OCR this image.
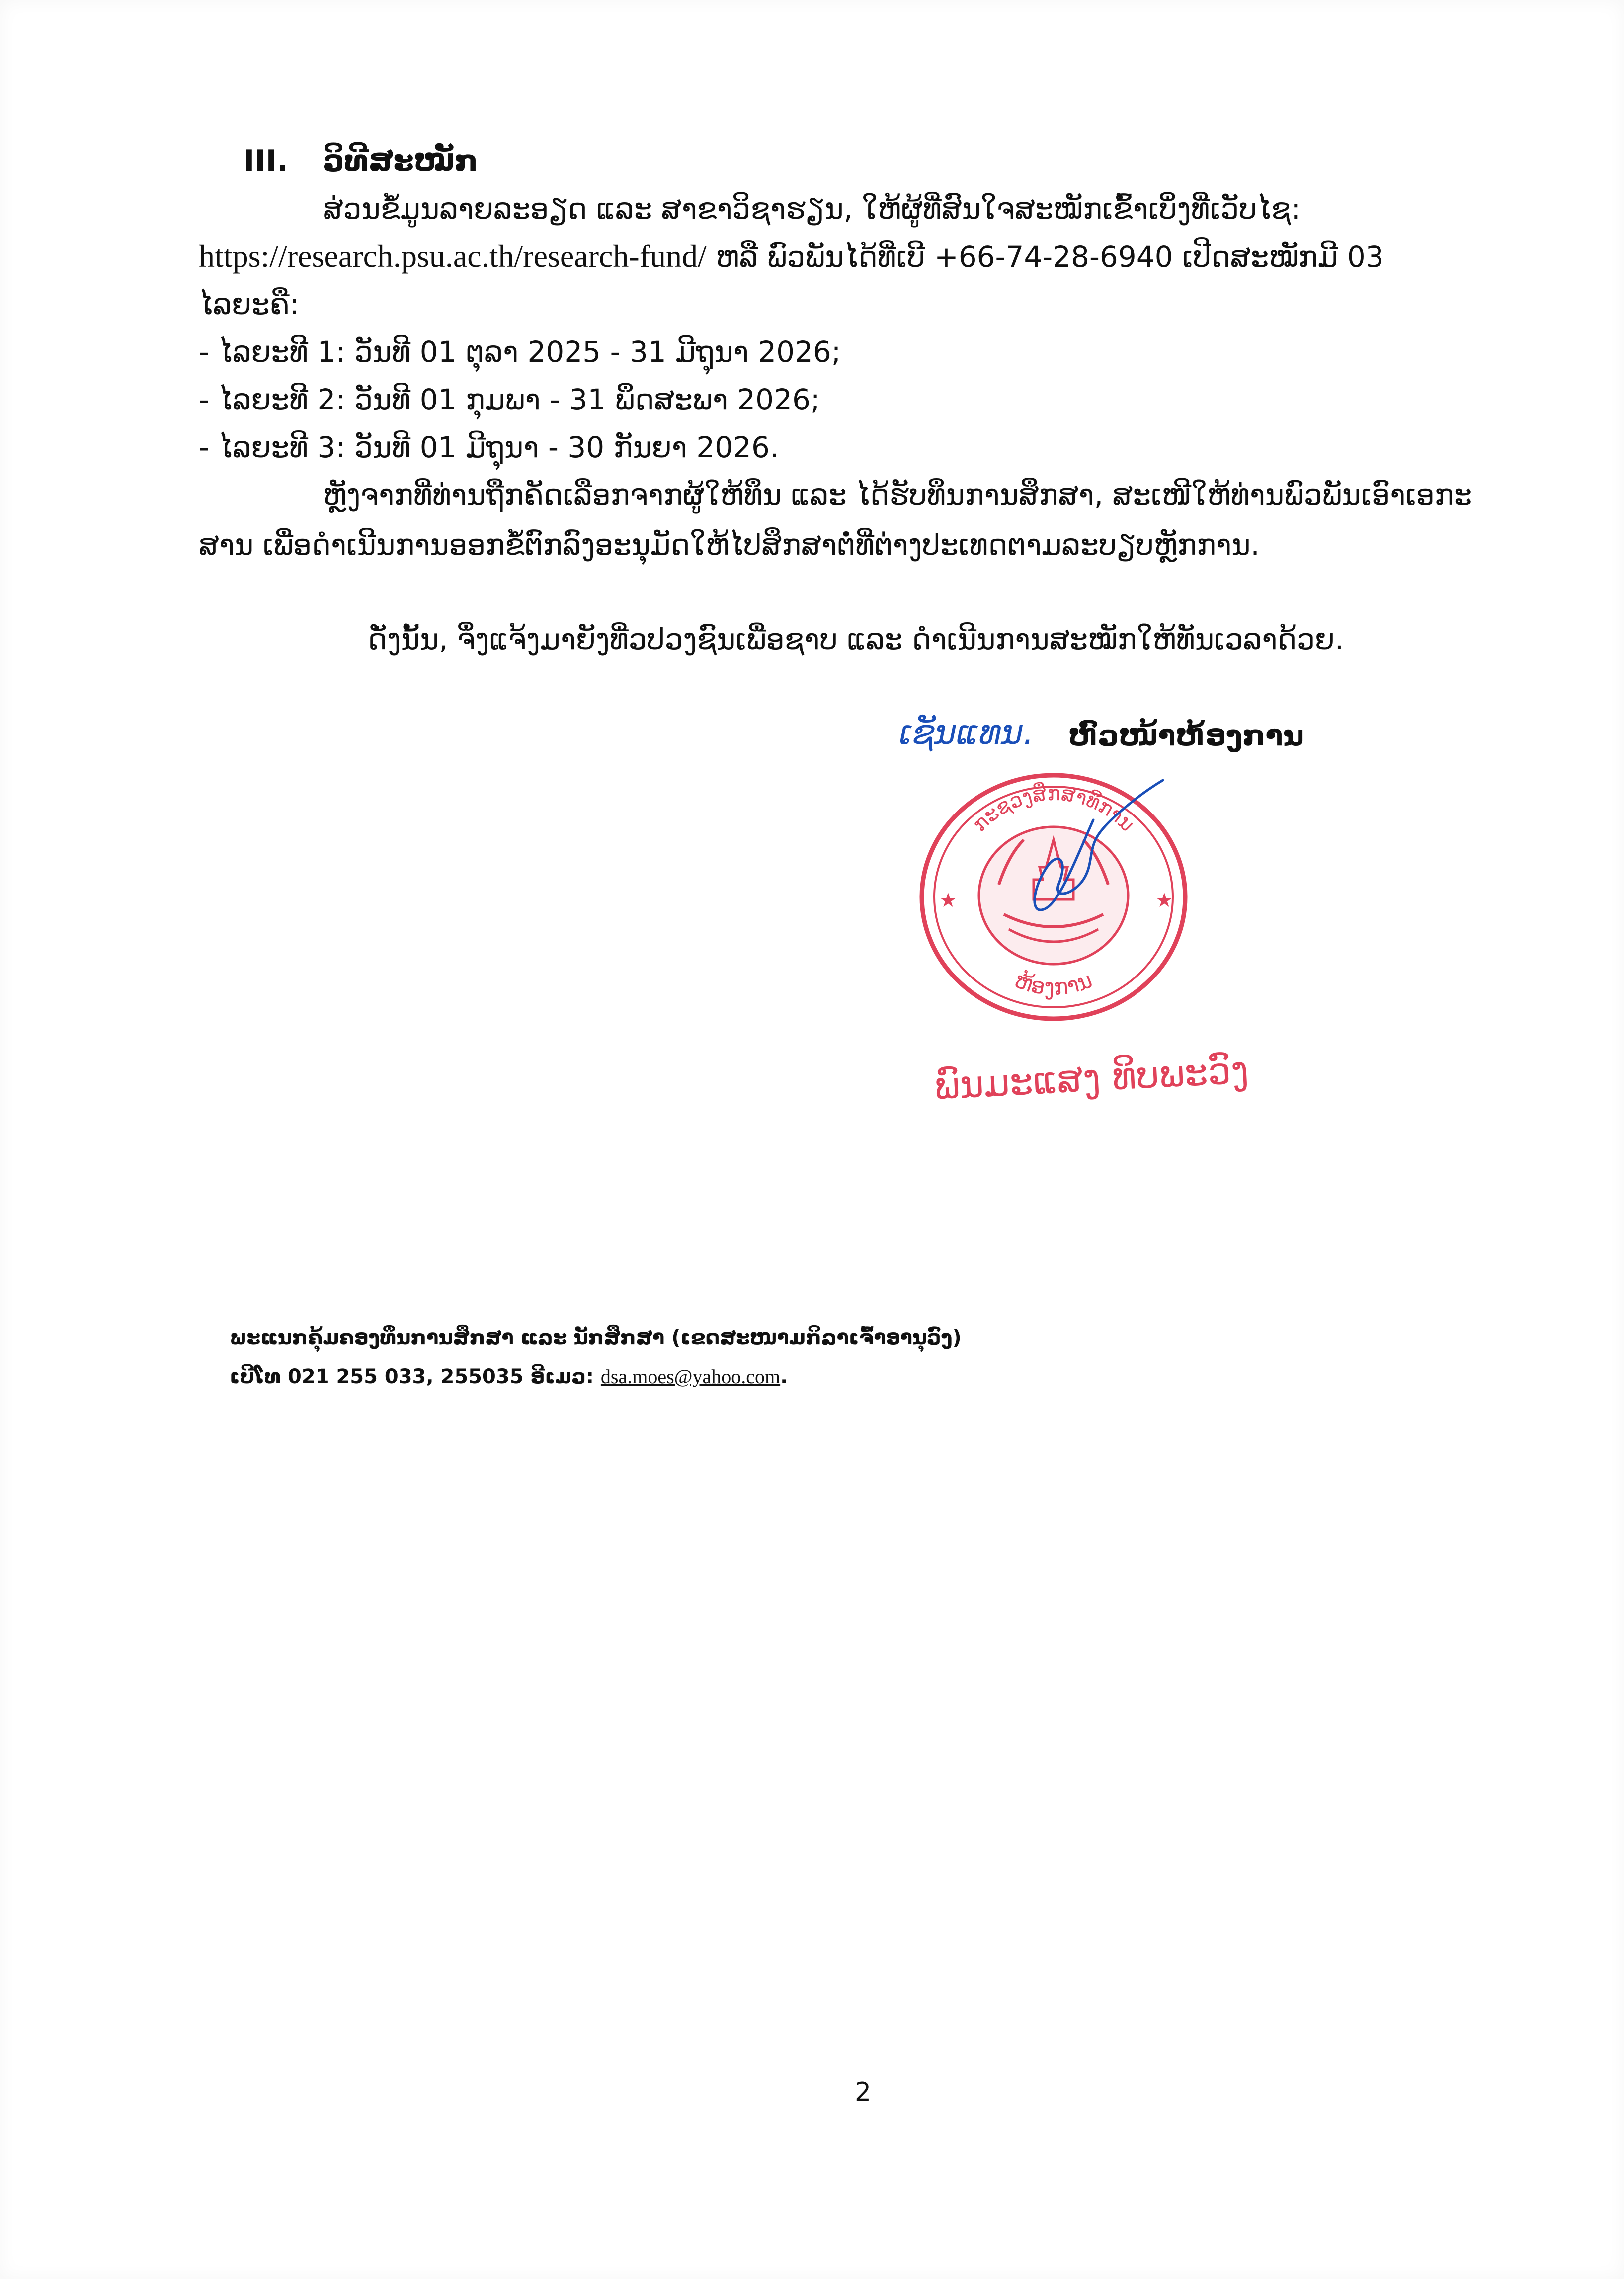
III. ວິທີສະໝັກ
ສ່ວນຂໍ້ມູນລາຍລະອຽດ ແລະ ສາຂາວິຊາຮຽນ, ໃຫ້ຜູ້ທີ່ສົນໃຈສະໝັກເຂົ້າເບິ່ງທີ່ເວັບໄຊ:
https://research.psu.ac.th/research-fund/ ຫລື ພົວພັນໄດ້ທີ່ເບີ +66-74-28-6940 ເປີດສະໝັກມີ 03
ໄລຍະຄື:
- ໄລຍະທີ 1: ວັນທີ 01 ຕຸລາ 2025 - 31 ມີຖຸນາ 2026;
- ໄລຍະທີ 2: ວັນທີ 01 ກຸມພາ - 31 ພຶດສະພາ 2026;
- ໄລຍະທີ 3: ວັນທີ 01 ມີຖຸນາ - 30 ກັນຍາ 2026.
ຫຼັງຈາກທີ່ທ່ານຖືກຄັດເລືອກຈາກຜູ້ໃຫ້ທຶນ ແລະ ໄດ້ຮັບທຶນການສຶກສາ, ສະເໜີໃຫ້ທ່ານພົວພັນເອົາເອກະ
ສານ ເພື່ອດຳເນີນການອອກຂໍ້ຕົກລົງອະນຸມັດໃຫ້ໄປສຶກສາຕໍ່ທີ່ຕ່າງປະເທດຕາມລະບຽບຫຼັກການ.
ດັ່ງນັ້ນ, ຈຶ່ງແຈ້ງມາຍັງທີ່ວປວງຊົນເພື່ອຊາບ ແລະ ດຳເນີນການສະໝັກໃຫ້ທັນເວລາດ້ວຍ.
ເຊັນແທນ. ຫົວໜ້າຫ້ອງການ
★	★
ກະຊວງສຶກສາທິການ
ຫ້ອງການ
ພົນມະແສງ ທິບພະວົງ
ພະແນກຄຸ້ມຄອງທຶນການສຶກສາ ແລະ ນັກສຶກສາ (ເຂດສະໜາມກິລາເຈົ້າອານຸວົງ)
ເບີໂທ 021 255 033, 255035 ອີເມວ: dsa.moes@yahoo.com.
2
